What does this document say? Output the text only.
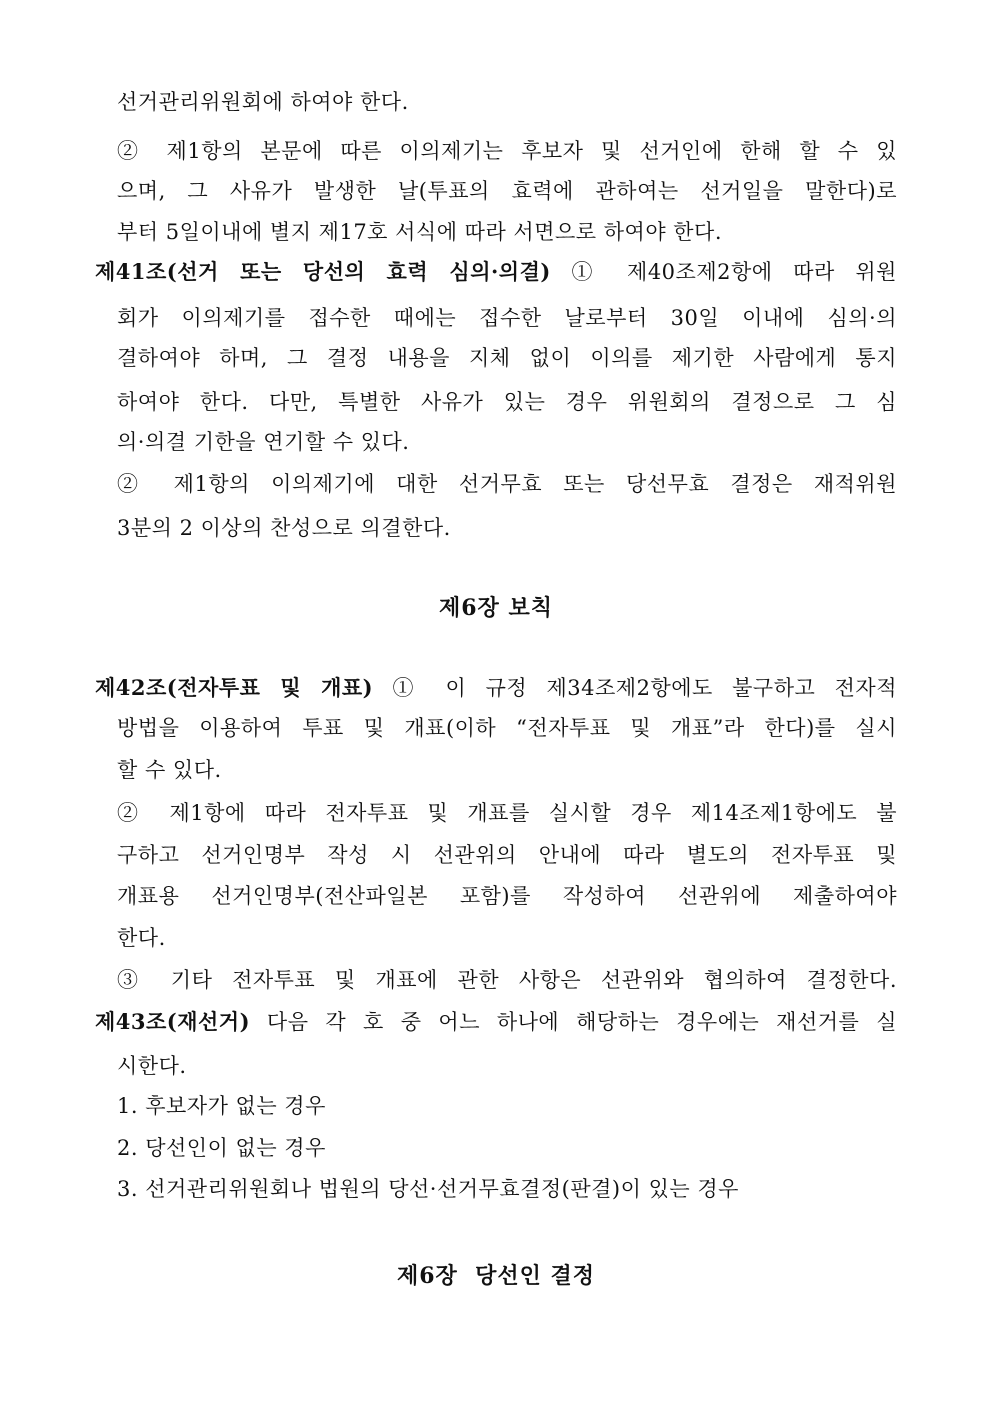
선거관리위원회에 하여야 한다.
② 제1항의 본문에 따른 이의제기는 후보자 및 선거인에 한해 할 수 있
으며, 그 사유가 발생한 날(투표의 효력에 관하여는 선거일을 말한다)로
부터 5일이내에 별지 제17호 서식에 따라 서면으로 하여야 한다.
제41조(선거 또는 당선의 효력 심의·의결) ① 제40조제2항에 따라 위원
회가 이의제기를 접수한 때에는 접수한 날로부터 30일 이내에 심의·의
결하여야 하며, 그 결정 내용을 지체 없이 이의를 제기한 사람에게 통지
하여야 한다. 다만, 특별한 사유가 있는 경우 위원회의 결정으로 그 심
의·의결 기한을 연기할 수 있다.
② 제1항의 이의제기에 대한 선거무효 또는 당선무효 결정은 재적위원
3분의 2 이상의 찬성으로 의결한다.
제6장 보칙
제42조(전자투표 및 개표) ① 이 규정 제34조제2항에도 불구하고 전자적
방법을 이용하여 투표 및 개표(이하 “전자투표 및 개표”라 한다)를 실시
할 수 있다.
② 제1항에 따라 전자투표 및 개표를 실시할 경우 제14조제1항에도 불
구하고 선거인명부 작성 시 선관위의 안내에 따라 별도의 전자투표 및
개표용 선거인명부(전산파일본 포함)를 작성하여 선관위에 제출하여야
한다.
③ 기타 전자투표 및 개표에 관한 사항은 선관위와 협의하여 결정한다.
제43조(재선거) 다음 각 호 중 어느 하나에 해당하는 경우에는 재선거를 실
시한다.
1. 후보자가 없는 경우
2. 당선인이 없는 경우
3. 선거관리위원회나 법원의 당선·선거무효결정(판결)이 있는 경우
제6장  당선인 결정
